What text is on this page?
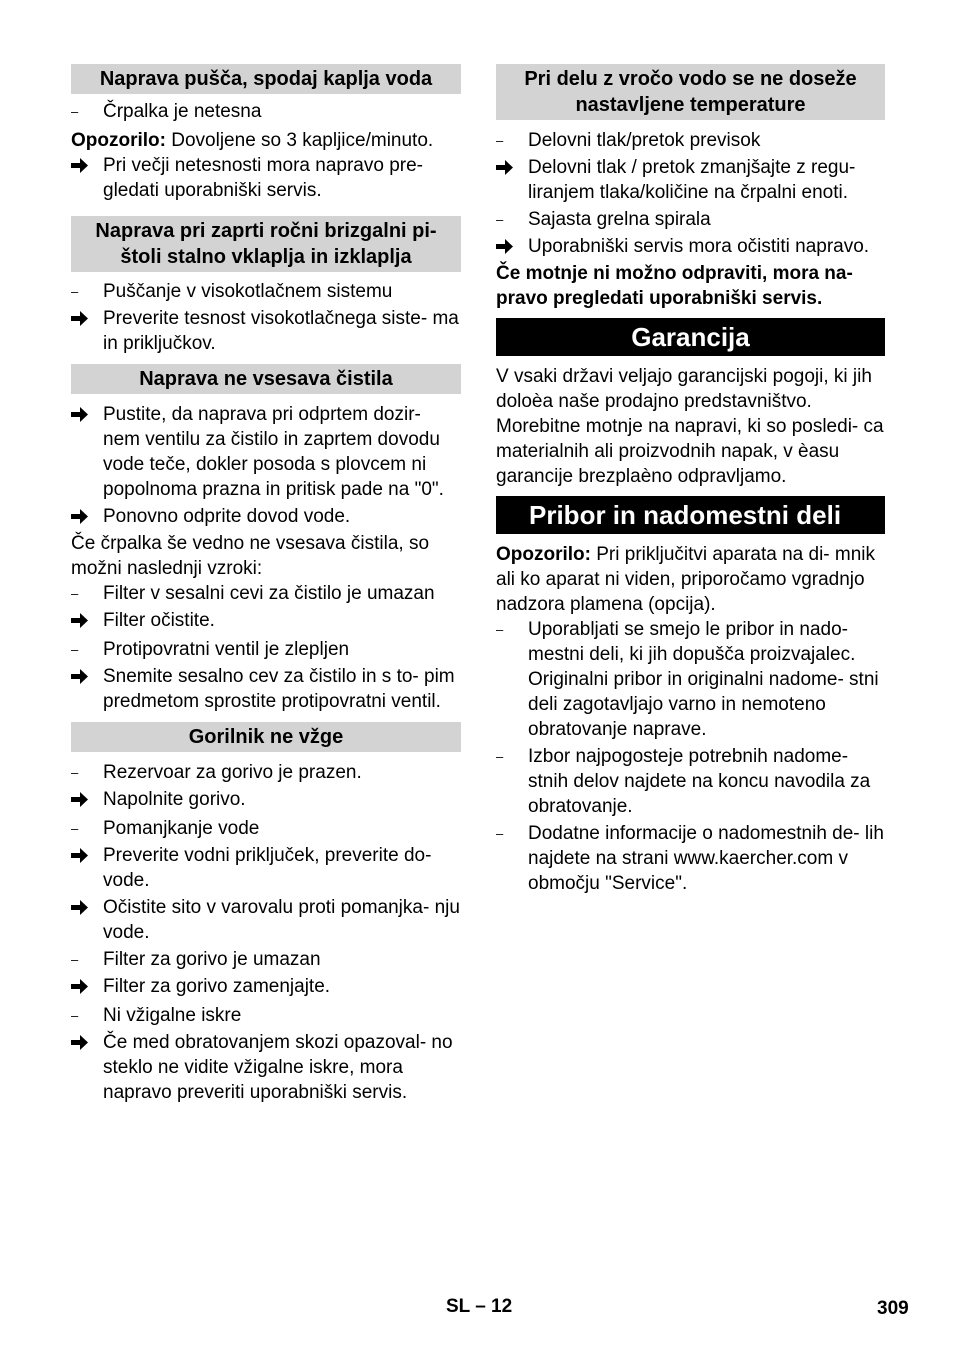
Naprava pušča, spodaj kaplja voda
–	Črpalka je netesna
Opozorilo: Dovoljene so 3 kapljice/minuto.
Pri večji netesnosti mora napravo pre- gledati uporabniški servis.
Naprava pri zaprti ročni brizgalni pi- štoli stalno vklaplja in izklaplja
–	Puščanje v visokotlačnem sistemu
Preverite tesnost visokotlačnega siste- ma in priključkov.
Naprava ne vsesava čistila
Pustite, da naprava pri odprtem dozir- nem ventilu za čistilo in zaprtem dovodu vode teče, dokler posoda s plovcem ni popolnoma prazna in pritisk pade na "0".
Ponovno odprite dovod vode.
Če črpalka še vedno ne vsesava čistila, so možni naslednji vzroki:
–	Filter v sesalni cevi za čistilo je umazan
Filter očistite.
–	Protipovratni ventil je zlepljen
Snemite sesalno cev za čistilo in s to- pim predmetom sprostite protipovratni ventil.
Gorilnik ne vžge
–	Rezervoar za gorivo je prazen.
Napolnite gorivo.
–	Pomanjkanje vode
Preverite vodni priključek, preverite do- vode.
Očistite sito v varovalu proti pomanjka- nju vode.
–	Filter za gorivo je umazan
Filter za gorivo zamenjajte.
–	Ni vžigalne iskre
Če med obratovanjem skozi opazoval- no steklo ne vidite vžigalne iskre, mora napravo preveriti uporabniški servis.
Pri delu z vročo vodo se ne doseže nastavljene temperature
–	Delovni tlak/pretok previsok
Delovni tlak / pretok zmanjšajte z regu- liranjem tlaka/količine na črpalni enoti.
–	Sajasta grelna spirala
Uporabniški servis mora očistiti napravo.
Če motnje ni možno odpraviti, mora na- pravo pregledati uporabniški servis.
Garancija
V vsaki državi veljajo garancijski pogoji, ki jih doloèa naše prodajno predstavništvo. Morebitne motnje na napravi, ki so posledi- ca materialnih ali proizvodnih napak, v èasu garancije brezplaèno odpravljamo.
Pribor in nadomestni deli
Opozorilo: Pri priključitvi aparata na di- mnik ali ko aparat ni viden, priporočamo vgradnjo nadzora plamena (opcija).
–	Uporabljati se smejo le pribor in nado- mestni deli, ki jih dopušča proizvajalec. Originalni pribor in originalni nadome- stni deli zagotavljajo varno in nemoteno obratovanje naprave.
–	Izbor najpogosteje potrebnih nadome- stnih delov najdete na koncu navodila za obratovanje.
–	Dodatne informacije o nadomestnih de- lih najdete na strani www.kaercher.com v območju "Service".
SL – 12	309
